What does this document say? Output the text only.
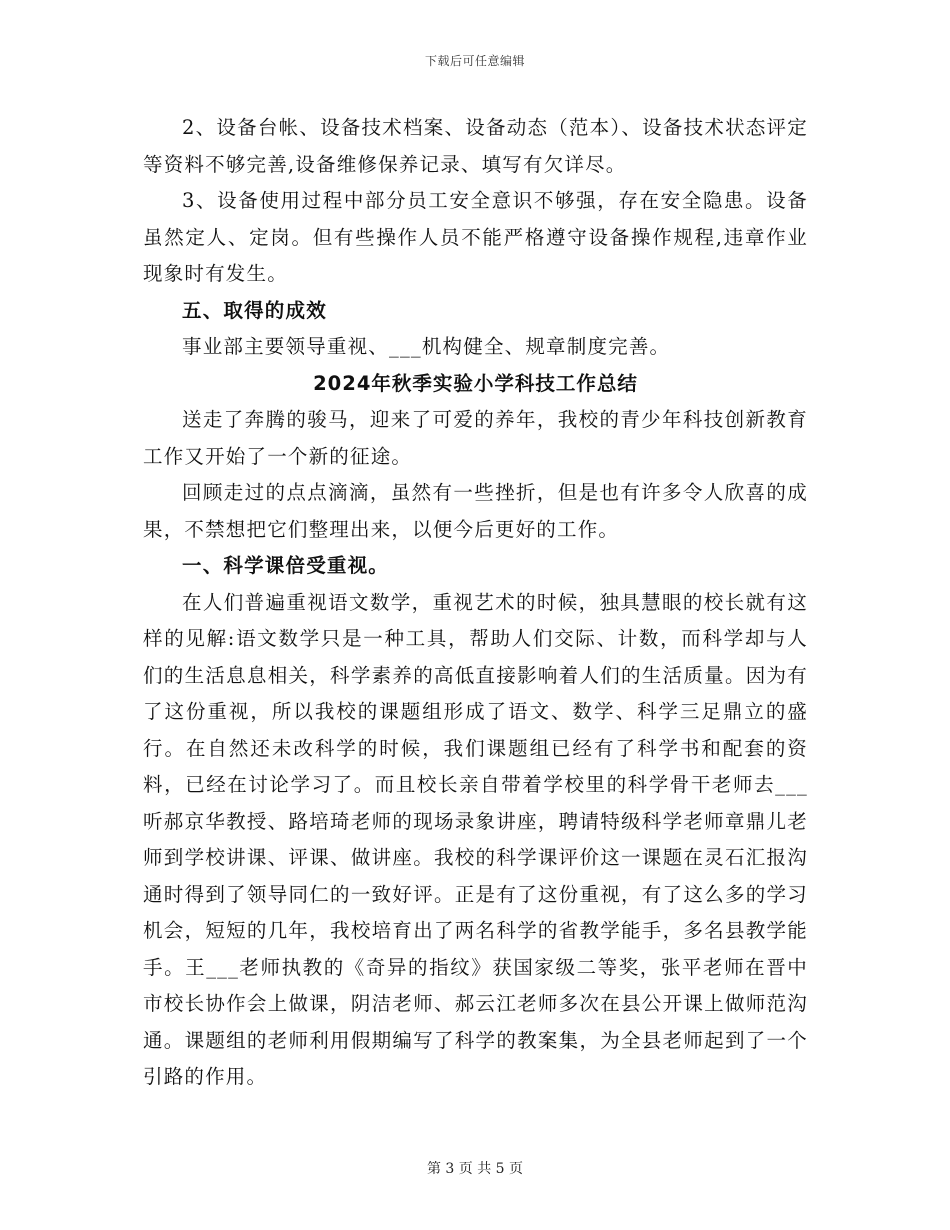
下载后可任意编辑

2、设备台帐、设备技术档案、设备动态（范本）、设备技术状态评定等资料不够完善,设备维修保养记录、填写有欠详尽。

3、设备使用过程中部分员工安全意识不够强，存在安全隐患。设备虽然定人、定岗。但有些操作人员不能严格遵守设备操作规程,违章作业现象时有发生。

五、取得的成效

事业部主要领导重视、___机构健全、规章制度完善。

2024年秋季实验小学科技工作总结

送走了奔腾的骏马，迎来了可爱的养年，我校的青少年科技创新教育工作又开始了一个新的征途。

回顾走过的点点滴滴，虽然有一些挫折，但是也有许多令人欣喜的成果，不禁想把它们整理出来，以便今后更好的工作。

一、科学课倍受重视。

在人们普遍重视语文数学，重视艺术的时候，独具慧眼的校长就有这样的见解:语文数学只是一种工具，帮助人们交际、计数，而科学却与人们的生活息息相关，科学素养的高低直接影响着人们的生活质量。因为有了这份重视，所以我校的课题组形成了语文、数学、科学三足鼎立的盛行。在自然还未改科学的时候，我们课题组已经有了科学书和配套的资料，已经在讨论学习了。而且校长亲自带着学校里的科学骨干老师去___听郝京华教授、路培琦老师的现场录象讲座，聘请特级科学老师章鼎儿老师到学校讲课、评课、做讲座。我校的科学课评价这一课题在灵石汇报沟通时得到了领导同仁的一致好评。正是有了这份重视，有了这么多的学习机会，短短的几年，我校培育出了两名科学的省教学能手，多名县教学能手。王___老师执教的《奇异的指纹》获国家级二等奖，张平老师在晋中市校长协作会上做课，阴洁老师、郝云江老师多次在县公开课上做师范沟通。课题组的老师利用假期编写了科学的教案集，为全县老师起到了一个引路的作用。

第 3 页 共 5 页
